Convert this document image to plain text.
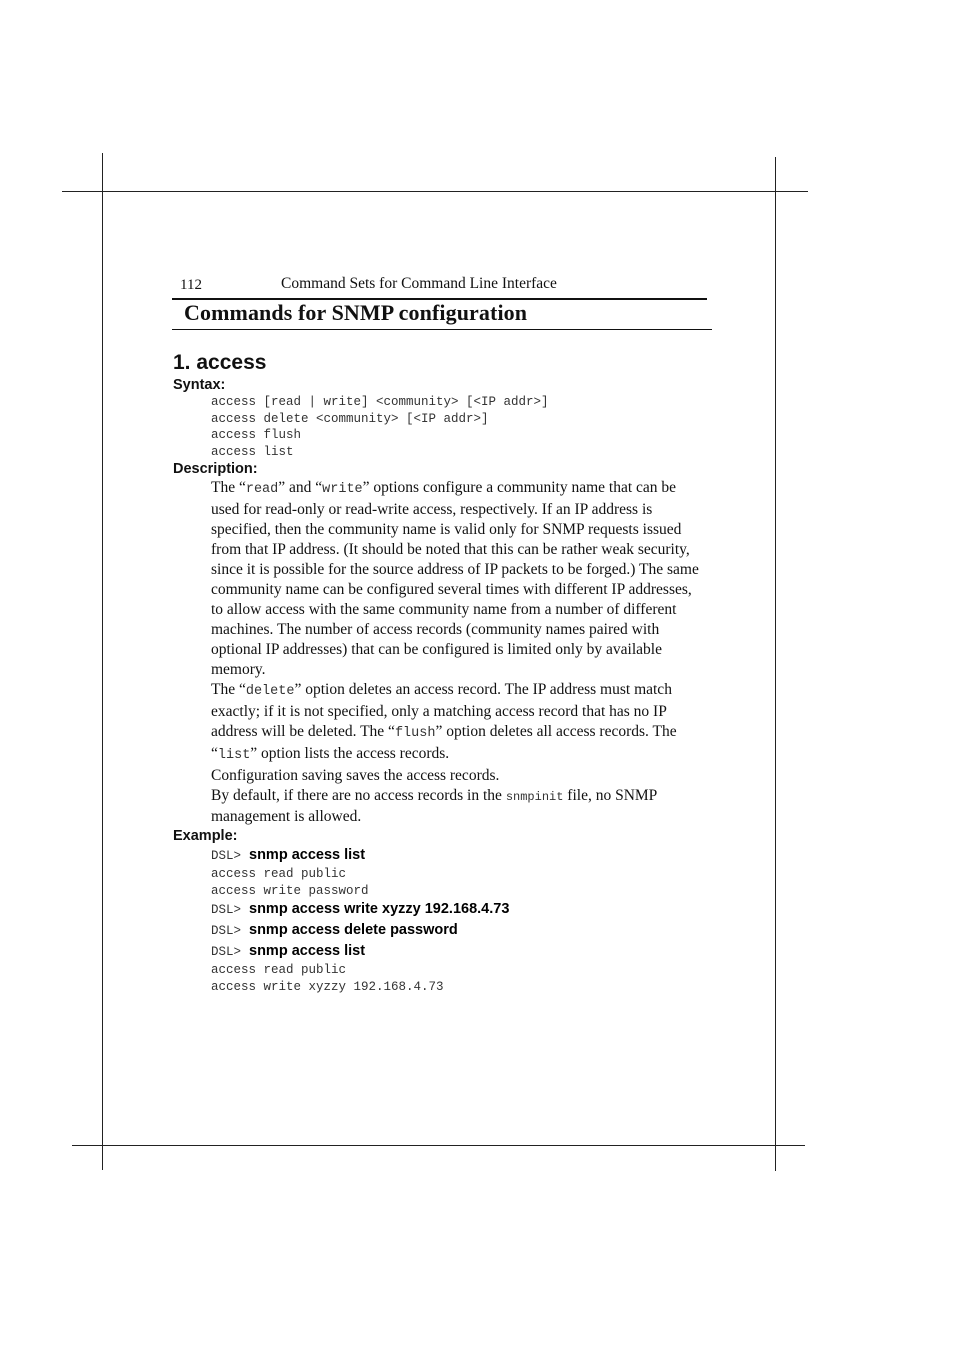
112	Command Sets for Command Line Interface
Commands for SNMP configuration
1. access
Syntax:
access [read | write] <community> [<IP addr>]
access delete <community> [<IP addr>]
access flush
access list
Description:
The “read” and “write” options configure a community name that can be used for read-only or read-write access, respectively. If an IP address is specified, then the community name is valid only for SNMP requests issued from that IP address. (It should be noted that this can be rather weak security, since it is possible for the source address of IP packets to be forged.) The same community name can be configured several times with different IP addresses, to allow access with the same community name from a number of different machines. The number of access records (community names paired with optional IP addresses) that can be configured is limited only by available memory.
The “delete” option deletes an access record. The IP address must match exactly; if it is not specified, only a matching access record that has no IP address will be deleted. The “flush” option deletes all access records. The “list” option lists the access records.
Configuration saving saves the access records.
By default, if there are no access records in the snmpinit file, no SNMP management is allowed.
Example:
DSL> snmp access list
access read public
access write password
DSL> snmp access write xyzzy 192.168.4.73
DSL> snmp access delete password
DSL> snmp access list
access read public
access write xyzzy 192.168.4.73
